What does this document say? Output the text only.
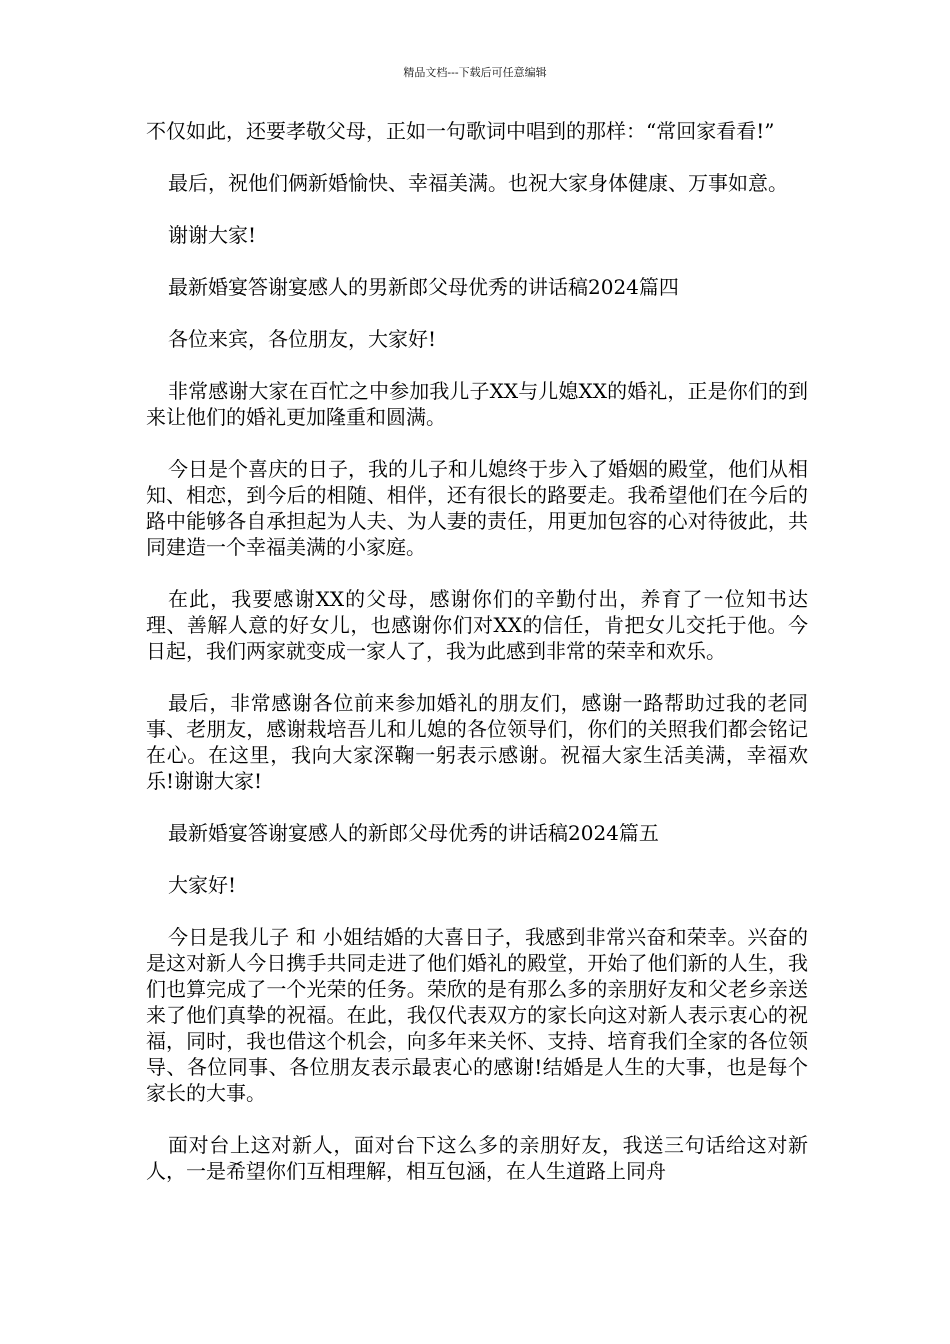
精品文档---下载后可任意编辑

不仅如此，还要孝敬父母，正如一句歌词中唱到的那样：“常回家看看!”

最后，祝他们俩新婚愉快、幸福美满。也祝大家身体健康、万事如意。

谢谢大家!

最新婚宴答谢宴感人的男新郎父母优秀的讲话稿2024篇四

各位来宾，各位朋友，大家好!

非常感谢大家在百忙之中参加我儿子XX与儿媳XX的婚礼，正是你们的到来让他们的婚礼更加隆重和圆满。

今日是个喜庆的日子，我的儿子和儿媳终于步入了婚姻的殿堂，他们从相知、相恋，到今后的相随、相伴，还有很长的路要走。我希望他们在今后的路中能够各自承担起为人夫、为人妻的责任，用更加包容的心对待彼此，共同建造一个幸福美满的小家庭。

在此，我要感谢XX的父母，感谢你们的辛勤付出，养育了一位知书达理、善解人意的好女儿，也感谢你们对XX的信任，肯把女儿交托于他。今日起，我们两家就变成一家人了，我为此感到非常的荣幸和欢乐。

最后，非常感谢各位前来参加婚礼的朋友们，感谢一路帮助过我的老同事、老朋友，感谢栽培吾儿和儿媳的各位领导们，你们的关照我们都会铭记在心。在这里，我向大家深鞠一躬表示感谢。祝福大家生活美满，幸福欢乐!谢谢大家!

最新婚宴答谢宴感人的新郎父母优秀的讲话稿2024篇五

大家好!

今日是我儿子 和 小姐结婚的大喜日子，我感到非常兴奋和荣幸。兴奋的是这对新人今日携手共同走进了他们婚礼的殿堂，开始了他们新的人生，我们也算完成了一个光荣的任务。荣欣的是有那么多的亲朋好友和父老乡亲送来了他们真挚的祝福。在此，我仅代表双方的家长向这对新人表示衷心的祝福，同时，我也借这个机会，向多年来关怀、支持、培育我们全家的各位领导、各位同事、各位朋友表示最衷心的感谢!结婚是人生的大事，也是每个家长的大事。

面对台上这对新人，面对台下这么多的亲朋好友，我送三句话给这对新人，一是希望你们互相理解，相互包涵，在人生道路上同舟
